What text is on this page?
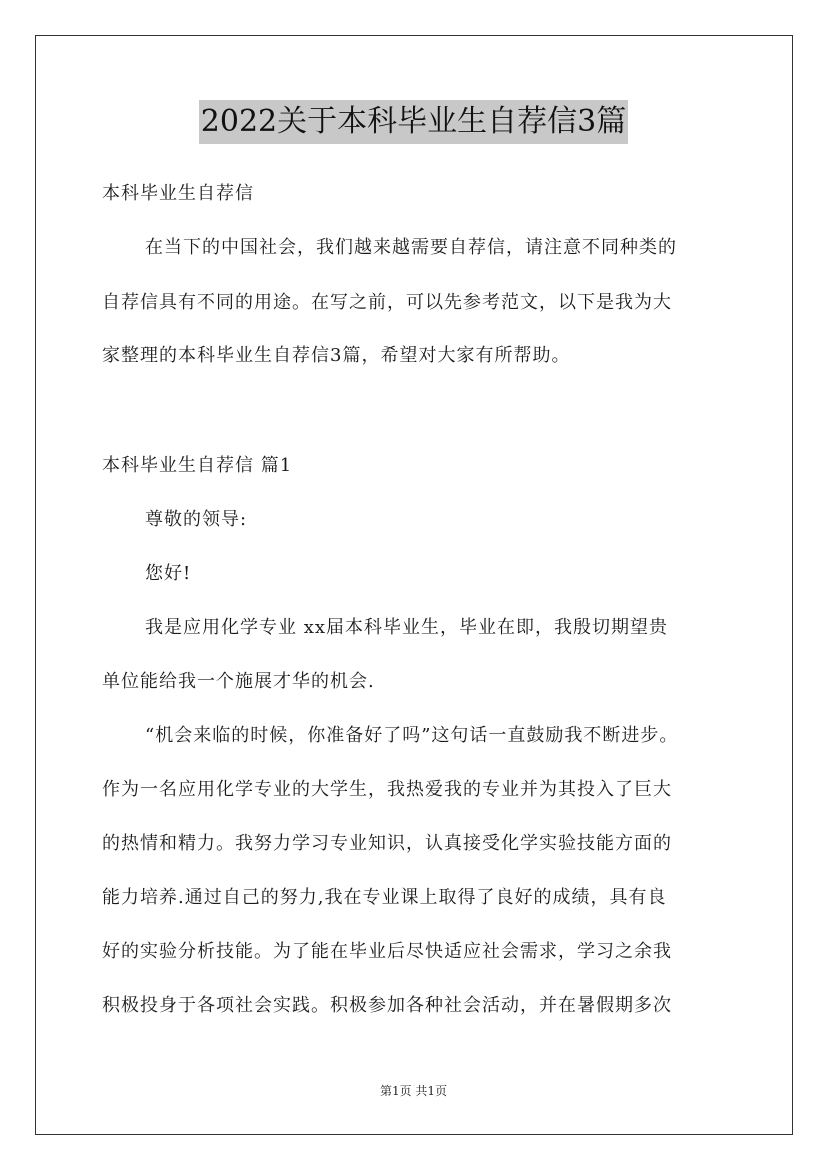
2022关于本科毕业生自荐信3篇
本科毕业生自荐信
在当下的中国社会，我们越来越需要自荐信，请注意不同种类的
自荐信具有不同的用途。在写之前，可以先参考范文，以下是我为大
家整理的本科毕业生自荐信3篇，希望对大家有所帮助。
本科毕业生自荐信 篇1
尊敬的领导:
您好!
我是应用化学专业 xx届本科毕业生，毕业在即，我殷切期望贵
单位能给我一个施展才华的机会.
“机会来临的时候，你准备好了吗”这句话一直鼓励我不断进步。
作为一名应用化学专业的大学生，我热爱我的专业并为其投入了巨大
的热情和精力。我努力学习专业知识，认真接受化学实验技能方面的
能力培养.通过自己的努力,我在专业课上取得了良好的成绩，具有良
好的实验分析技能。为了能在毕业后尽快适应社会需求，学习之余我
积极投身于各项社会实践。积极参加各种社会活动，并在暑假期多次
第1页 共1页
